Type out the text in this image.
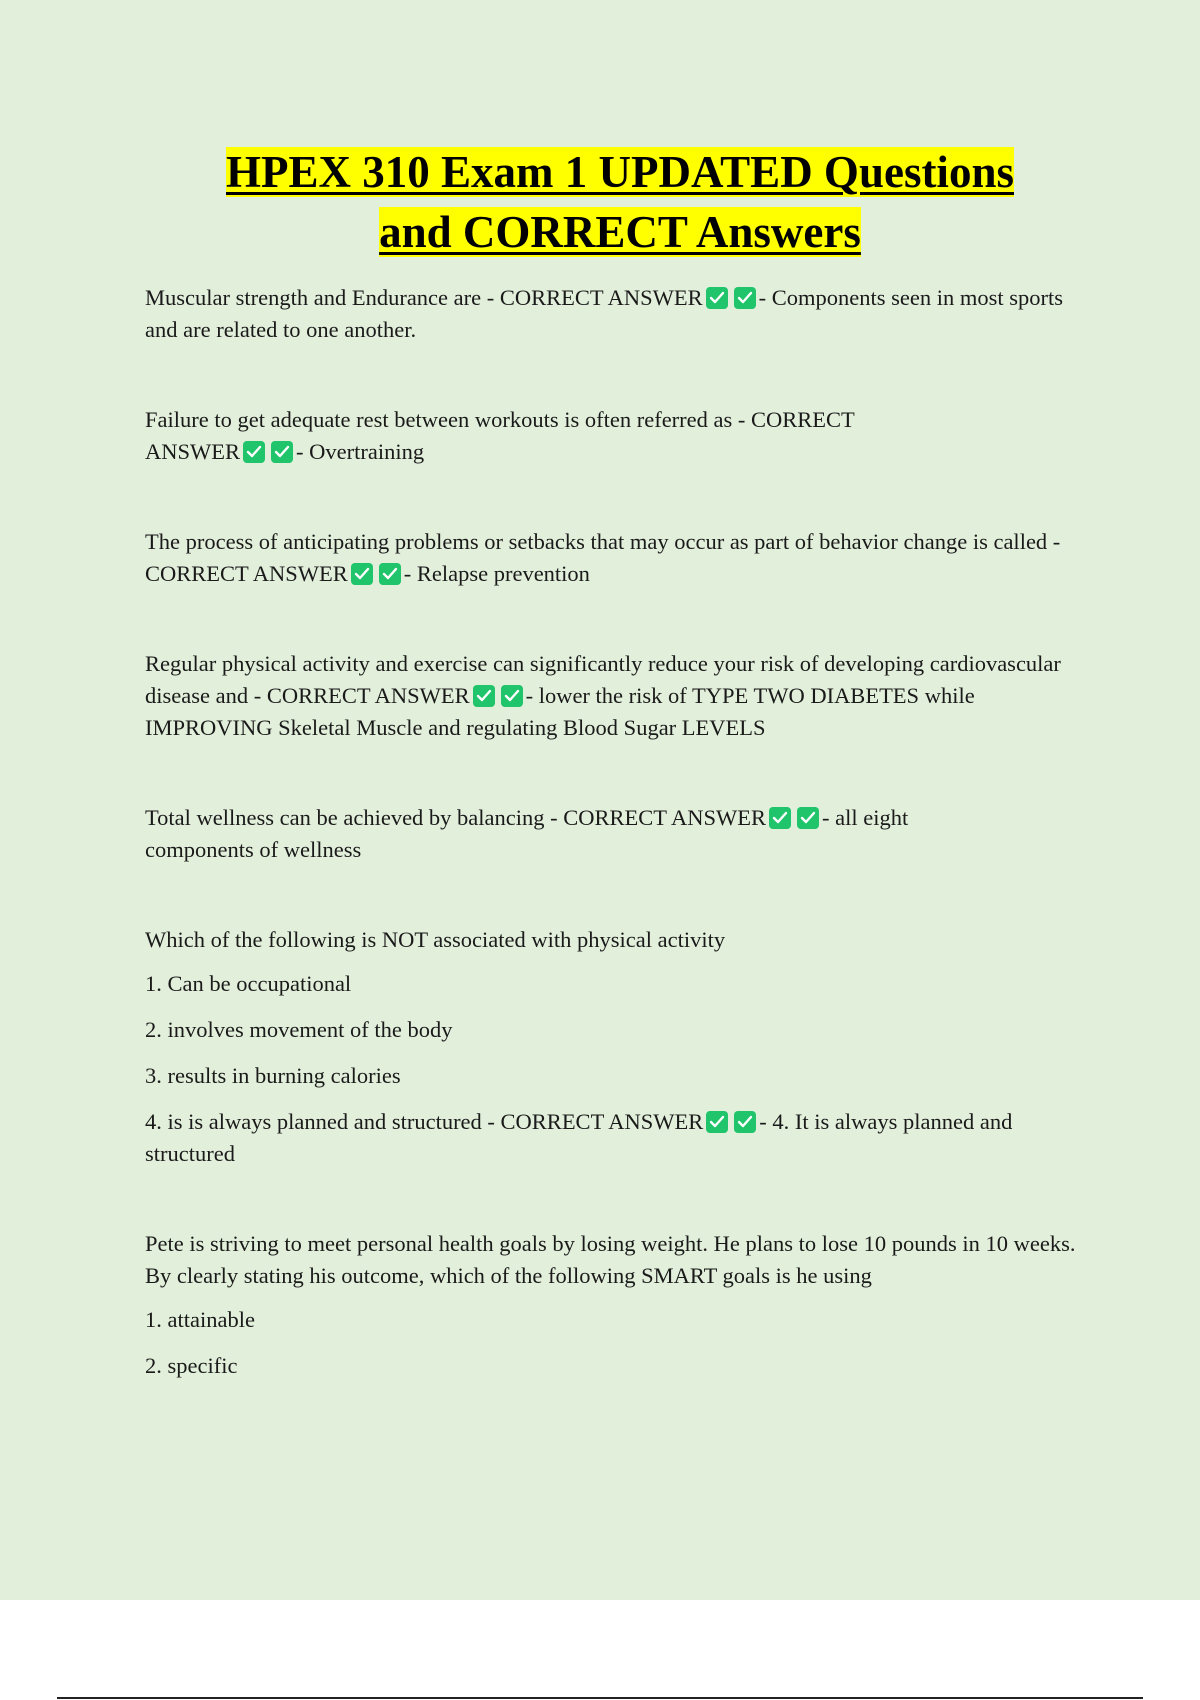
HPEX 310 Exam 1 UPDATED Questions
and CORRECT Answers

Muscular strength and Endurance are - CORRECT ANSWER - Components seen in most sports and are related to one another.

Failure to get adequate rest between workouts is often referred as - CORRECT ANSWER - Overtraining

The process of anticipating problems or setbacks that may occur as part of behavior change is called - CORRECT ANSWER - Relapse prevention

Regular physical activity and exercise can significantly reduce your risk of developing cardiovascular disease and - CORRECT ANSWER - lower the risk of TYPE TWO DIABETES while IMPROVING Skeletal Muscle and regulating Blood Sugar LEVELS

Total wellness can be achieved by balancing - CORRECT ANSWER - all eight components of wellness

Which of the following is NOT associated with physical activity

1. Can be occupational

2. involves movement of the body

3. results in burning calories

4. is is always planned and structured - CORRECT ANSWER - 4. It is always planned and structured

Pete is striving to meet personal health goals by losing weight. He plans to lose 10 pounds in 10 weeks. By clearly stating his outcome, which of the following SMART goals is he using

1. attainable

2. specific
